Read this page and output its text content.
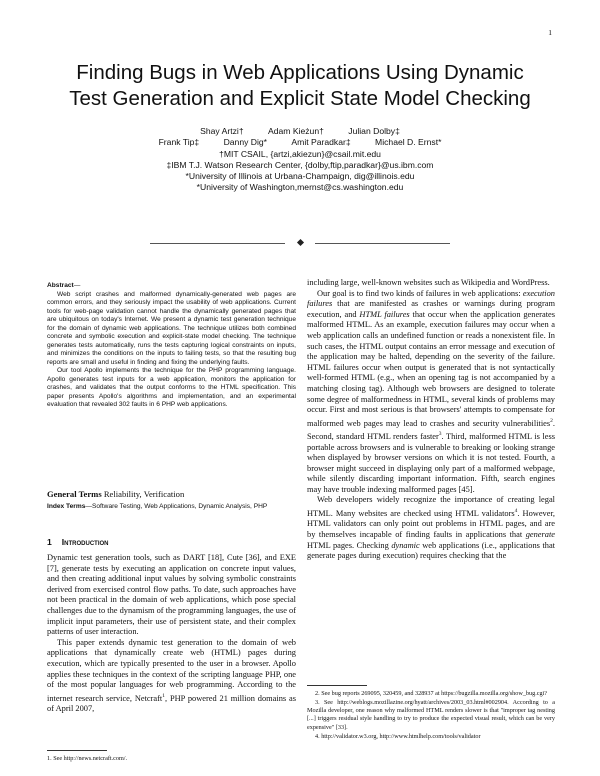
1
Finding Bugs in Web Applications Using Dynamic
Test Generation and Explicit State Model Checking
Shay Artzi†	Adam Kieżun†	Julian Dolby‡
Frank Tip‡	Danny Dig*	Amit Paradkar‡	Michael D. Ernst*
†MIT CSAIL, {artzi,akiezun}@csail.mit.edu
‡IBM T.J. Watson Research Center, {dolby,ftip,paradkar}@us.ibm.com
*University of Illinois at Urbana-Champaign, dig@illinois.edu
*University of Washington,mernst@cs.washington.edu

Abstract—

Web script crashes and malformed dynamically-generated web pages are common errors, and they seriously impact the usability of web applications. Current tools for web-page validation cannot handle the dynamically generated pages that are ubiquitous on today's Internet. We present a dynamic test generation technique for the domain of dynamic web applications. The technique utilizes both combined concrete and symbolic execution and explicit-state model checking. The technique generates tests automatically, runs the tests capturing logical constraints on inputs, and minimizes the conditions on the inputs to failing tests, so that the resulting bug reports are small and useful in finding and fixing the underlying faults.

Our tool Apollo implements the technique for the PHP programming language. Apollo generates test inputs for a web application, monitors the application for crashes, and validates that the output conforms to the HTML specification. This paper presents Apollo's algorithms and implementation, and an experimental evaluation that revealed 302 faults in 6 PHP web applications.

General Terms Reliability, Verification
Index Terms—Software Testing, Web Applications, Dynamic Analysis, PHP
1 Introduction

Dynamic test generation tools, such as DART [18], Cute [36], and EXE [7], generate tests by executing an application on concrete input values, and then creating additional input values by solving symbolic constraints derived from exercised control flow paths. To date, such approaches have not been practical in the domain of web applications, which pose special challenges due to the dynamism of the programming languages, the use of implicit input parameters, their use of persistent state, and their complex patterns of user interaction.

This paper extends dynamic test generation to the domain of web applications that dynamically create web (HTML) pages during execution, which are typically presented to the user in a browser. Apollo applies these techniques in the context of the scripting language PHP, one of the most popular languages for web programming. According to the internet research service, Netcraft$^1$, PHP powered 21 million domains as of April 2007,

1. See http://news.netcraft.com/.

including large, well-known websites such as Wikipedia and WordPress.

Our goal is to find two kinds of failures in web applications: execution failures that are manifested as crashes or warnings during program execution, and HTML failures that occur when the application generates malformed HTML. As an example, execution failures may occur when a web application calls an undefined function or reads a nonexistent file. In such cases, the HTML output contains an error message and execution of the application may be halted, depending on the severity of the failure. HTML failures occur when output is generated that is not syntactically well-formed HTML (e.g., when an opening tag is not accompanied by a matching closing tag). Although web browsers are designed to tolerate some degree of malformedness in HTML, several kinds of problems may occur. First and most serious is that browsers' attempts to compensate for malformed web pages may lead to crashes and security vulnerabilities$^2$. Second, standard HTML renders faster$^3$. Third, malformed HTML is less portable across browsers and is vulnerable to breaking or looking strange when displayed by browser versions on which it is not tested. Fourth, a browser might succeed in displaying only part of a malformed webpage, while silently discarding important information. Fifth, search engines may have trouble indexing malformed pages [45].

Web developers widely recognize the importance of creating legal HTML. Many websites are checked using HTML validators$^4$. However, HTML validators can only point out problems in HTML pages, and are by themselves incapable of finding faults in applications that generate HTML pages. Checking dynamic web applications (i.e., applications that generate pages during execution) requires checking that the

2. See bug reports 269095, 320459, and 328937 at https://bugzilla.mozilla.org/show_bug.cgi?

3. See http://weblogs.mozillazine.org/hyatt/archives/2003_03.html#002904. According to a Mozilla developer, one reason why malformed HTML renders slower is that "improper tag nesting [...] triggers residual style handling to try to produce the expected visual result, which can be very expensive" [33].

4. http://validator.w3.org, http://www.htmlhelp.com/tools/validator
